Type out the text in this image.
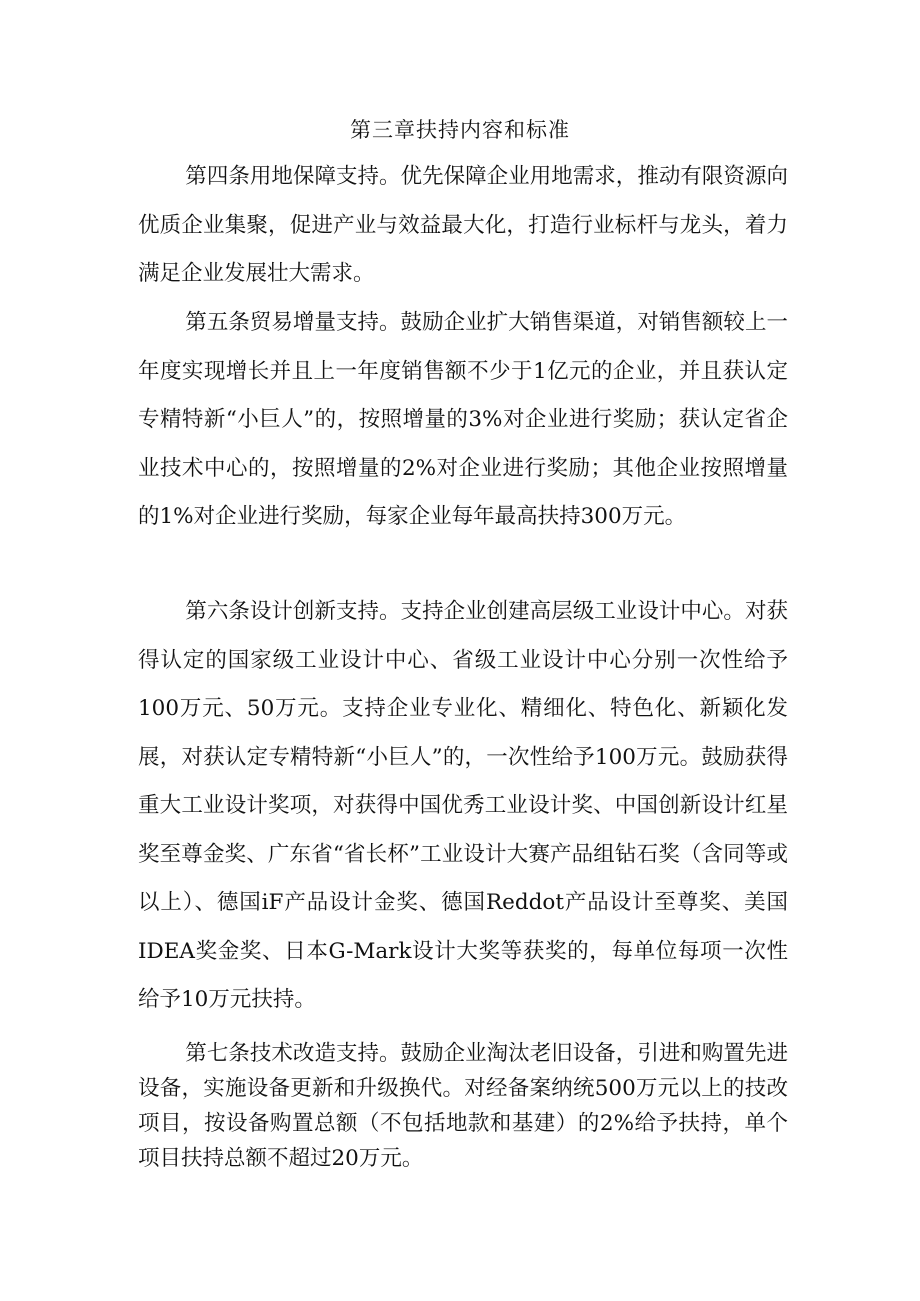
第三章扶持内容和标准

第四条用地保障支持。优先保障企业用地需求，推动有限资源向优质企业集聚，促进产业与效益最大化，打造行业标杆与龙头，着力满足企业发展壮大需求。

第五条贸易增量支持。鼓励企业扩大销售渠道，对销售额较上一年度实现增长并且上一年度销售额不少于1亿元的企业，并且获认定专精特新“小巨人”的，按照增量的3%对企业进行奖励；获认定省企业技术中心的，按照增量的2%对企业进行奖励；其他企业按照增量的1%对企业进行奖励，每家企业每年最高扶持300万元。

第六条设计创新支持。支持企业创建高层级工业设计中心。对获得认定的国家级工业设计中心、省级工业设计中心分别一次性给予100万元、50万元。支持企业专业化、精细化、特色化、新颖化发展，对获认定专精特新“小巨人”的，一次性给予100万元。鼓励获得重大工业设计奖项，对获得中国优秀工业设计奖、中国创新设计红星奖至尊金奖、广东省“省长杯”工业设计大赛产品组钻石奖（含同等或以上）、德国iF产品设计金奖、德国Reddot产品设计至尊奖、美国IDEA奖金奖、日本G-Mark设计大奖等获奖的，每单位每项一次性给予10万元扶持。

第七条技术改造支持。鼓励企业淘汰老旧设备，引进和购置先进设备，实施设备更新和升级换代。对经备案纳统500万元以上的技改项目，按设备购置总额（不包括地款和基建）的2%给予扶持，单个项目扶持总额不超过20万元。
